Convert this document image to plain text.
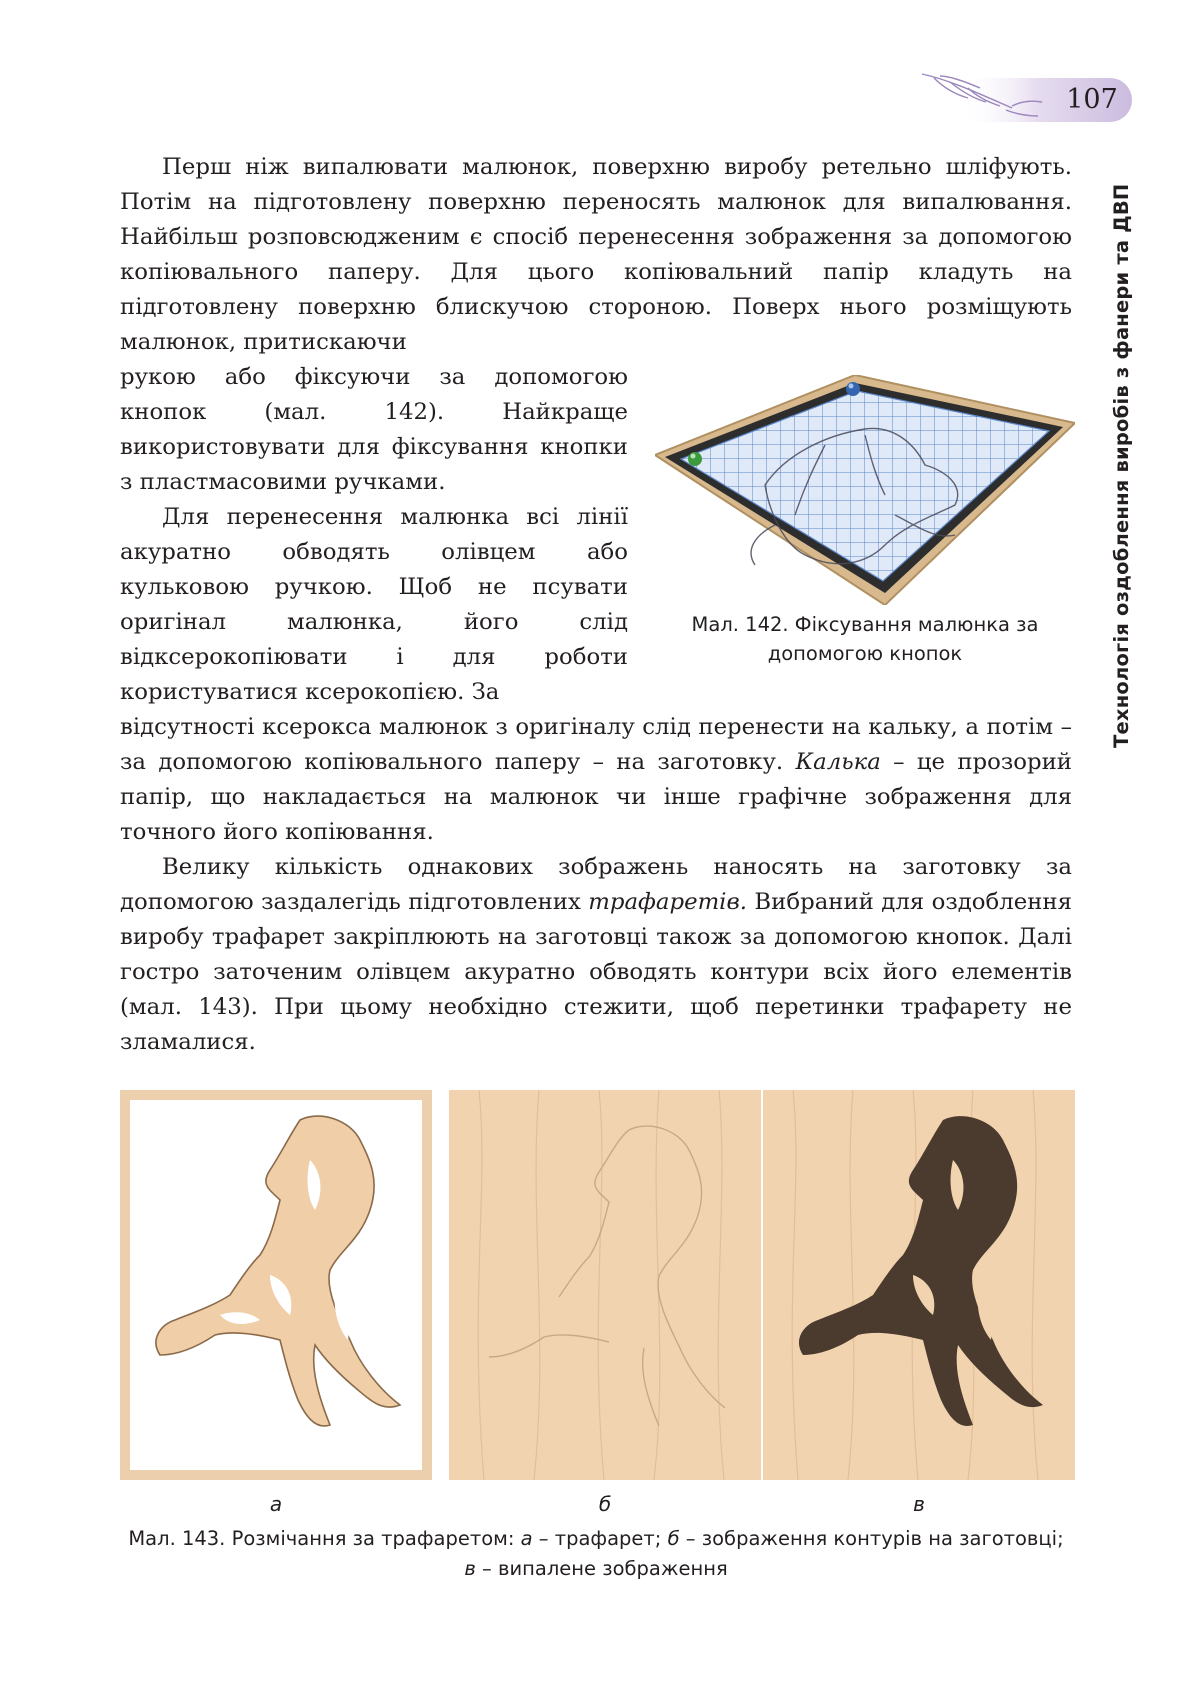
107
Технологія оздоблення виробів з фанери та ДВП

Перш ніж випалювати малюнок, поверхню виробу ретельно шліфують. Потім на підготовлену поверхню переносять малюнок для випалювання. Найбільш розповсюдженим є спосіб перенесення зображення за допомогою копіювального паперу. Для цього копіювальний папір кладуть на підготовлену поверхню блискучою стороною. Поверх нього розміщують малюнок, притискаючи

рукою або фіксуючи за допомогою кнопок (мал. 142). Найкраще використовувати для фіксування кнопки з пластмасовими ручками.

Для перенесення малюнка всі лінії акуратно обводять олівцем або кульковою ручкою. Щоб не псувати оригінал малюнка, його слід відксерокопіювати і для роботи користуватися ксерокопією. За

відсутності ксерокса малюнок з оригіналу слід перенести на кальку, а потім – за допомогою копіювального паперу – на заготовку. Калька – це прозорий папір, що накладається на малюнок чи інше графічне зображення для точного його копіювання.

Велику кількість однакових зображень наносять на заготовку за допомогою заздалегідь підготовлених трафаретів. Вибраний для оздоблення виробу трафарет закріплюють на заготовці також за допомогою кнопок. Далі гостро заточеним олівцем акуратно обводять контури всіх його елементів (мал. 143). При цьому необхідно стежити, щоб перетинки трафарету не зламалися.

Мал. 142. Фіксування малюнка за допомогою кнопок
а	б	в
Мал. 143. Розмічання за трафаретом: а – трафарет; б – зображення контурів на заготовці; в – випалене зображення
